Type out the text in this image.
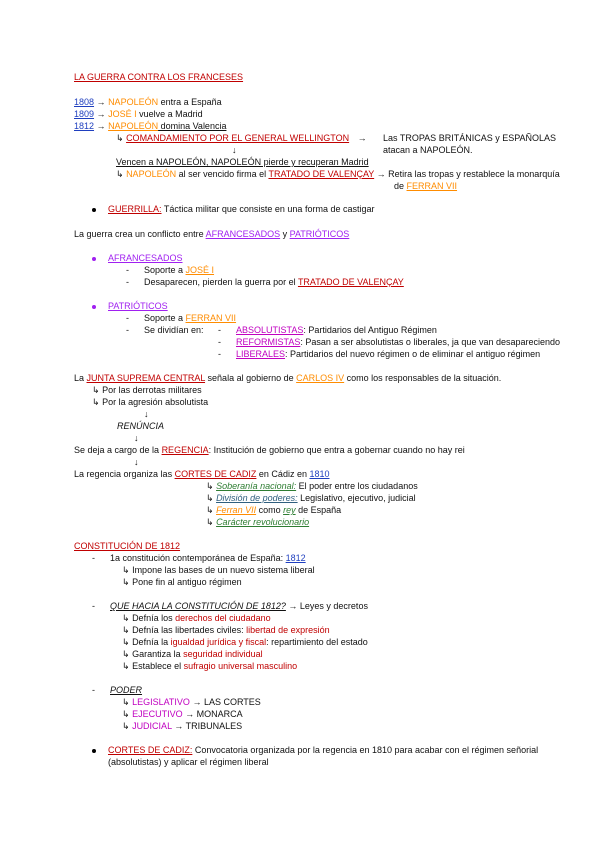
LA GUERRA CONTRA LOS FRANCESES
1808 → NAPOLEÓN entra a España
1809 → JOSÉ I vuelve a Madrid
1812 → NAPOLEÓN domina Valencia
↳ COMANDAMIENTO POR EL GENERAL WELLINGTON → Las TROPAS BRITÁNICAS y ESPAÑOLAS
↓	atacan a NAPOLEÓN.
Vencen a NAPOLEÓN, NAPOLEÓN pierde y recuperan Madrid
↳ NAPOLEÓN al ser vencido firma el TRATADO DE VALENÇAY → Retira las tropas y restablece la monarquía
de FERRAN VII
GUERRILLA: Táctica militar que consiste en una forma de castigar
La guerra crea un conflicto entre AFRANCESADOS y PATRIÓTICOS
AFRANCESADOS
- Soporte a JOSÉ I
- Desaparecen, pierden la guerra por el TRATADO DE VALENÇAY
PATRIÓTICOS
- Soporte a FERRAN VII
- Se dividían en: - ABSOLUTISTAS: Partidarios del Antiguo Régimen
- REFORMISTAS: Pasan a ser absolutistas o liberales, ja que van desapareciendo
- LIBERALES: Partidarios del nuevo régimen o de eliminar el antiguo régimen
La JUNTA SUPREMA CENTRAL señala al gobierno de CARLOS IV como los responsables de la situación.
↳ Por las derrotas militares
↳ Por la agresión absolutista
↓
RENÚNCIA
↓
Se deja a cargo de la REGENCIA: Institución de gobierno que entra a gobernar cuando no hay rei
↓
La regencia organiza las CORTES DE CADIZ en Cádiz en 1810
↳ Soberanía nacional: El poder entre los ciudadanos
↳ División de poderes: Legislativo, ejecutivo, judicial
↳ Ferran VII como rey de España
↳ Carácter revolucionario
CONSTITUCIÓN DE 1812
- 1a constitución contemporánea de España: 1812
↳ Impone las bases de un nuevo sistema liberal
↳ Pone fin al antiguo régimen
- QUE HACIA LA CONSTITUCIÓN DE 1812? → Leyes y decretos
↳ Defnía los derechos del ciudadano
↳ Defnía las libertades civiles: libertad de expresión
↳ Defnía la igualdad jurídica y fiscal: repartimiento del estado
↳ Garantiza la seguridad individual
↳ Establece el sufragio universal masculino
- PODER
↳ LEGISLATIVO → LAS CORTES
↳ EJECUTIVO → MONARCA
↳ JUDICIAL → TRIBUNALES
CORTES DE CADIZ: Convocatoria organizada por la regencia en 1810 para acabar con el régimen señorial
(absolutistas) y aplicar el régimen liberal
